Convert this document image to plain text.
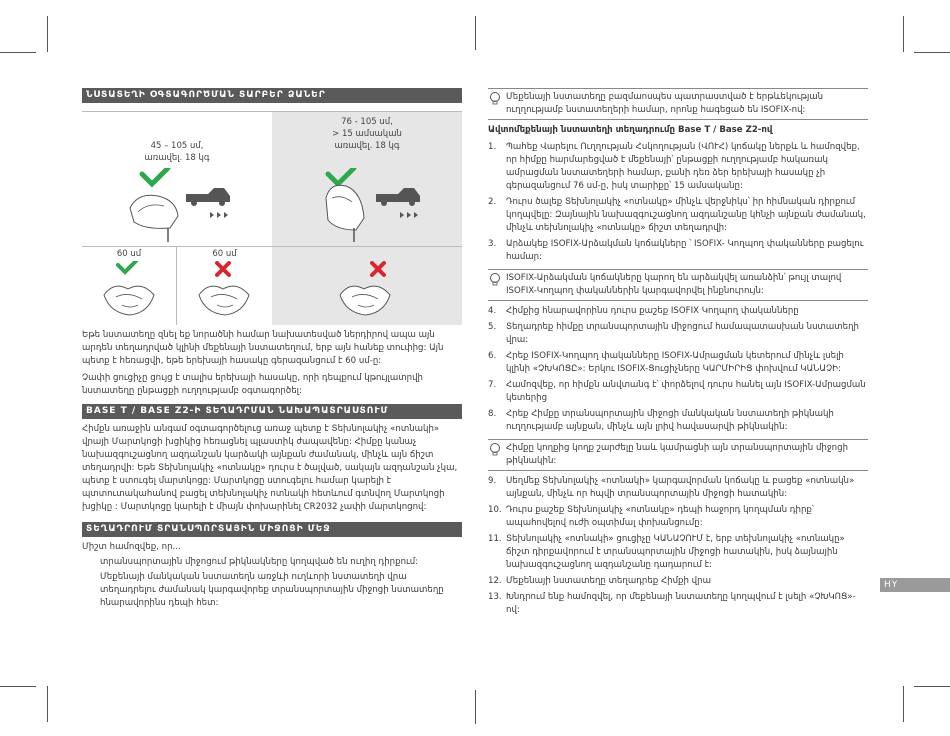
ՆՍՏԱՏԵՂԻ ՕԳՏԱԳՈՐԾՄԱՆ ՏԱՐԲԵՐ ՁԱՆԵՐ
45 – 105 սմ,
առավել. 18 կգ
76 - 105 սմ,
> 15 ամսական
առավել. 18 կգ
60 սմ	60 սմ

Եթե նստատեղը զնել եք նորածնի համար նախատեսված ներդիրով ապա այն արդեն տեղադրված կլինի մեքենայի նստատեղում, երբ այն հանեք տուփից: Այն պետք է հեռացվի, եթե երեխայի հասակը գերազանցում է 60 սմ-ը:

Չափի ցուցիչը ցույց է տալիս երեխայի հասակը, որի դեպքում կթույլատրվի նստատեղը ընթացքի ուղղությամբ օգտագործել:

BASE T / BASE Z2-Ի ՏԵՂԱԴՐՄԱՆ ՆԱԽԱՊԱՏՐԱՍՏՈՒՄ

Հիմքն առաջին անգամ օգտագործելուց առաջ պետք է Տեխնոլակիչ «ոտնակի» վրայի Մարտկոցի խցիկից հեռացնել պլաստիկ ժապավենը: Հիմքը կանաչ նախազգուշացնող ազդանշան կարձակի այնքան ժամանակ, մինչև այն ճիշտ տեղադրվի: Եթե Տեխնոլակիչ «ոտնակը» դուրս է ծալված, սակայն ազդանշան չկա, պետք է ստուգել մարտկոցը: Մարտկոցը ստուգելու համար կարելի է պտտուտակահանով բացել տեխնոլակիչ ոտնակի հետևում գտնվող Մարտկոցի խցիկը : Մարտկոցը կարելի է միայն փոխարինել CR2032 չափի մարտկոցով:

ՏԵՂԱԴՐՈՒՄ ՏՐԱՆՍՊՈՐՏԱՅԻՆ ՄԻՋՈՑԻ ՄԵՋ

Միշտ համոզվեք, որ...

տրանսպորտային միջոցում թիկնակները կողպված են ուղիղ դիրքում:

Մեքենայի մանկական նստատեղն առջևի ուղևորի նստատեղի վրա տեղադրելու ժամանակ կարգավորեք տրանսպորտային միջոցի նստատեղը հնարավորինս դեպի հետ:

Մեքենայի նստատեղը բազմաոսպես պատրաստված է երթևեկության ուղղությամբ նստատեղերի համար, որոնք հագեցած են ISOFIX-ով:
Ավտոմեքենայի նստատեղի տեղադրումը Base T / Base Z2-ով
1.	Պահեք Վարելու Ուղղության Հսկողության (ՎՈՒՀ) կոճակը ներքև և համոզվեք, որ հիմքը հարմարեցված է մեքենայի՝ ընթացքի ուղղությամբ հակառակ ամրացման նստատեղերի համար, քանի դեռ ձեր երեխայի հասակը չի գերազանցում 76 սմ-ը, իսկ տարիքը՝ 15 ամսականը:
2.	Դուրս ծալեք Տեխնոլակիչ «ոտնակը» մինչև վերջնիկս՝ իր հիմնական դիրքում կողպվելը: Զայնային նախազգուշացնող ազդանշանը կհնչի այնքան ժամանակ, մինչև տեխնոլակիչ «ոտնակը» ճիշտ տեղադրվի:
3.	Արձակեք ISOFIX-Արձակման կոճակները ՝ ISOFIX- Կողպող փականները բացելու համար:
ISOFIX-Արձակման կոճակները կարող են արձակվել առանձին՝ թույլ տալով ISOFIX-Կողպող փականներին կարգավորվել ինքնուրույն:
4.	Հիմքից հնարավորինս դուրս քաշեք ISOFIX Կողպող փականները
5.	Տեղադրեք հիմքը տրանսպորտային միջոցում համապատասխան նստատեղի վրա:
6.	Հրեք ISOFIX-Կողպող փականները ISOFIX-Ամրացման կետերում մինչև լսելի կլինի «ՉԽԿՈՑԸ»: Երկու ISOFIX-Ցուցիչները ԿԱՐՄԻՐԻՑ փոխվում ԿԱՆԱՉԻ:
7.	Համոզվեք, որ հիմքն անվտանգ է՝ փորձելով դուրս հանել այն ISOFIX-Ամրացման կետերից
8.	Հրեք Հիմքը տրանսպորտային միջոցի մանկական նստատեղի թիկնակի ուղղությամբ այնքան, մինչև այն լրիվ հավասարվի թիկնակին:
Հիմքը կողքից կողք շարժելը նաև կամրացնի այն տրանսպորտային միջոցի թիկնակին:
9.	Սեղմեք Տեխնոլակիչ «ոտնակի» կարգավորման կոճակը և բացեք «ոտնակն» այնքան, մինչև որ հպվի տրանսպորտային միջոցի հատակին:
10. Դուրս քաշեք Տեխնոլակիչ «ոտնակը» դեպի հաջորդ կողպման դիրք՝ ապահովելով ուժի օպտիմալ փոխանցումը:
11. Տեխնոլակիչ «ոտնակի» ցուցիչը ԿԱՆԱՉՈՒՄ է, երբ տեխնոլակիչ «ոտնակը» ճիշտ դիրքավորում է տրանսպորտային միջոցի հատակին, իսկ ձայնային նախազգուշացնող ազդանշանը դադարում է:
12. Մեքենայի նստատեղը տեղադրեք Հիմքի վրա
13. Խնդրում ենք համոզվել, որ մեքենայի նստատեղը կողպվում է լսելի «ՉԽԿՈՑ»-ով:
HY
